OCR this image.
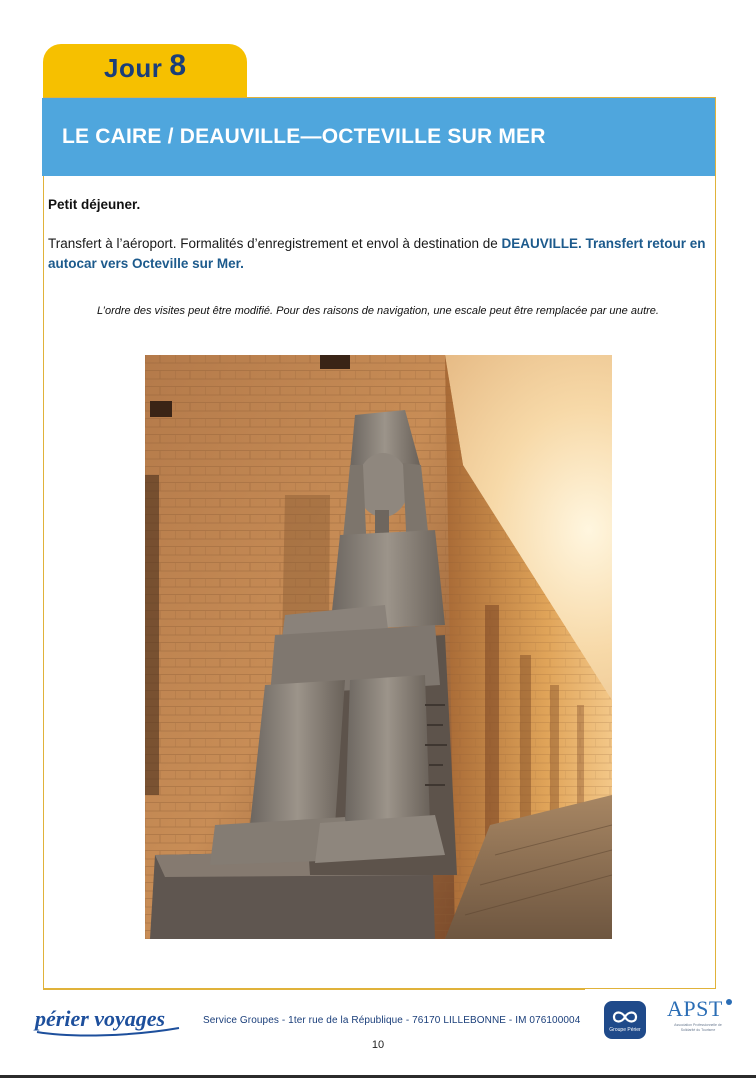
Jour 8
LE CAIRE / DEAUVILLE—OCTEVILLE SUR MER
Petit déjeuner.
Transfert à l’aéroport. Formalités d’enregistrement et envol à destination de DEAUVILLE. Transfert retour en autocar vers Octeville sur Mer.
L’ordre des visites peut être modifié. Pour des raisons de navigation, une escale peut être remplacée par une autre.
périer voyages	Service Groupes - 1ter rue de la République - 76170 LILLEBONNE - IM 076100004
10
Groupe Périer
APST
Association Professionnelle de Solidarité du Tourisme
